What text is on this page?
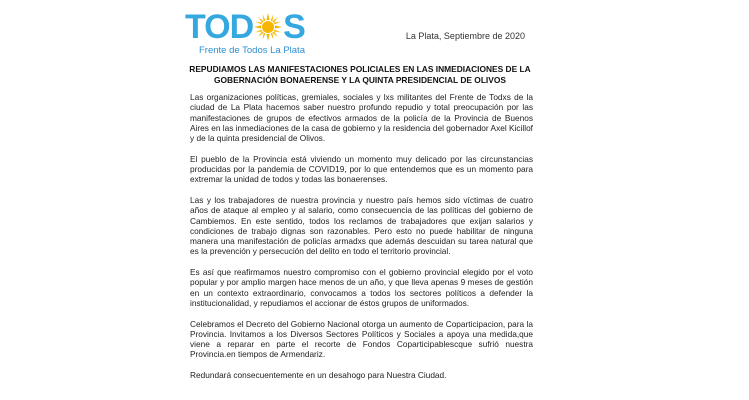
TOD S
Frente de Todos La Plata
La Plata, Septiembre de 2020
REPUDIAMOS LAS MANIFESTACIONES POLICIALES EN LAS INMEDIACIONES DE LA GOBERNACIÓN BONAERENSE Y LA QUINTA PRESIDENCIAL DE OLIVOS

Las organizaciones políticas, gremiales, sociales y lxs militantes del Frente de Todxs de la ciudad de La Plata hacemos saber nuestro profundo repudio y total preocupación por las manifestaciones de grupos de efectivos armados de la policía de la Provincia de Buenos Aires en las inmediaciones de la casa de gobierno y la residencia del gobernador Axel Kicillof y de la quinta presidencial de Olivos.

El pueblo de la Provincia está viviendo un momento muy delicado por las circunstancias producidas por la pandemia de COVID19, por lo que entendemos que es un momento para extremar la unidad de todos y todas las bonaerenses.

Las y los trabajadores de nuestra provincia y nuestro país hemos sido víctimas de cuatro años de ataque al empleo y al salario, como consecuencia de las políticas del gobierno de Cambiemos. En este sentido, todos los reclamos de trabajadores que exijan salarios y condiciones de trabajo dignas son razonables. Pero esto no puede habilitar de ninguna manera una manifestación de policías armadxs que además descuidan su tarea natural que es la prevención y persecución del delito en todo el territorio provincial.

Es así que reafirmamos nuestro compromiso con el gobierno provincial elegido por el voto popular y por amplio margen hace menos de un año, y que lleva apenas 9 meses de gestión en un contexto extraordinario, convocamos a todos los sectores políticos a defender la institucionalidad, y repudiamos el accionar de éstos grupos de uniformados.

Celebramos el Decreto del Gobierno Nacional otorga un aumento de Coparticipacion, para la Provincia. Invitamos a los Diversos Sectores Políticos y Sociales a apoya una medida,que viene a reparar en parte el recorte de Fondos Coparticipablescque sufrió nuestra Provincia.en tiempos de Armendariz.

Redundará consecuentemente en un desahogo para Nuestra Ciudad.
